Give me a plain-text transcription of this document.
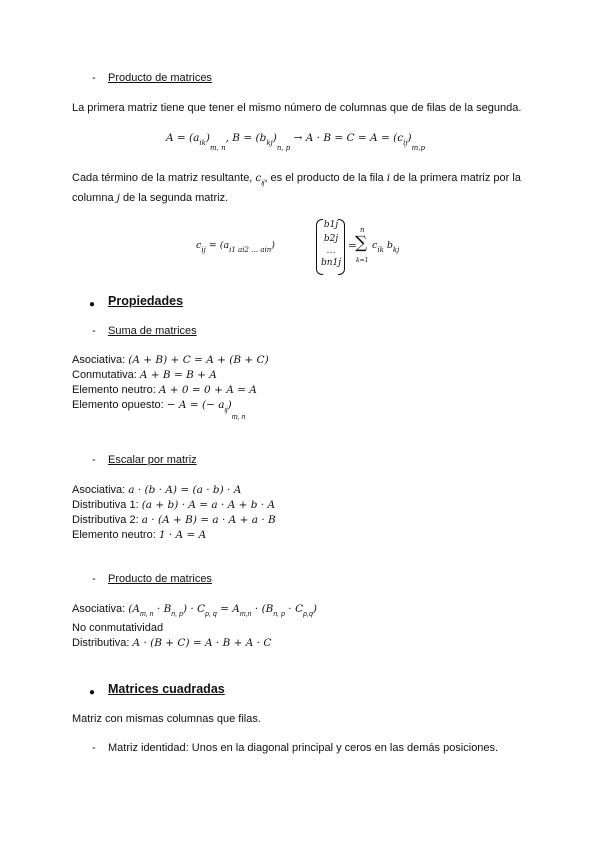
- Producto de matrices
La primera matriz tiene que tener el mismo número de columnas que de filas de la segunda.
$A = (a_{ik})_{m, n}$, $B = (b_{kj})_{n, p} \to A \cdot B = C = A = (c_{ij})_{m,p}$
Cada término de la matriz resultante, $c_{ij}$, es el producto de la fila i de la primera matriz por la
columna j de la segunda matriz.
$c_{ij} = (a_{i1 ai2 \dots ain})$
b1j
b2j
…
bn1j
=
n
∑
k=1
$c_{ik}$ $b_{kj}$
● Propiedades
- Suma de matrices
Asociativa: (A + B) + C = A + (B + C)
Conmutativa: A + B = B + A
Elemento neutro: A + 0 = 0 + A = A
Elemento opuesto: − A = (− $a_{ij})_{m, n}$
- Escalar por matriz
Asociativa: a · (b · A) = (a · b) · A
Distributiva 1: (a + b) · A = a · A + b · A
Distributiva 2: a · (A + B) = a · A + a · B
Elemento neutro: 1 · A = A
- Producto de matrices
Asociativa: $(A_{m, n} \cdot B_{n, p}) \cdot C_{p, q} = A_{m,n} \cdot (B_{n, p} \cdot C_{p,q})$
No conmutatividad
Distributiva: A · (B + C) = A · B + A · C
● Matrices cuadradas
Matriz con mismas columnas que filas.
- Matriz identidad: Unos en la diagonal principal y ceros en las demás posiciones.
